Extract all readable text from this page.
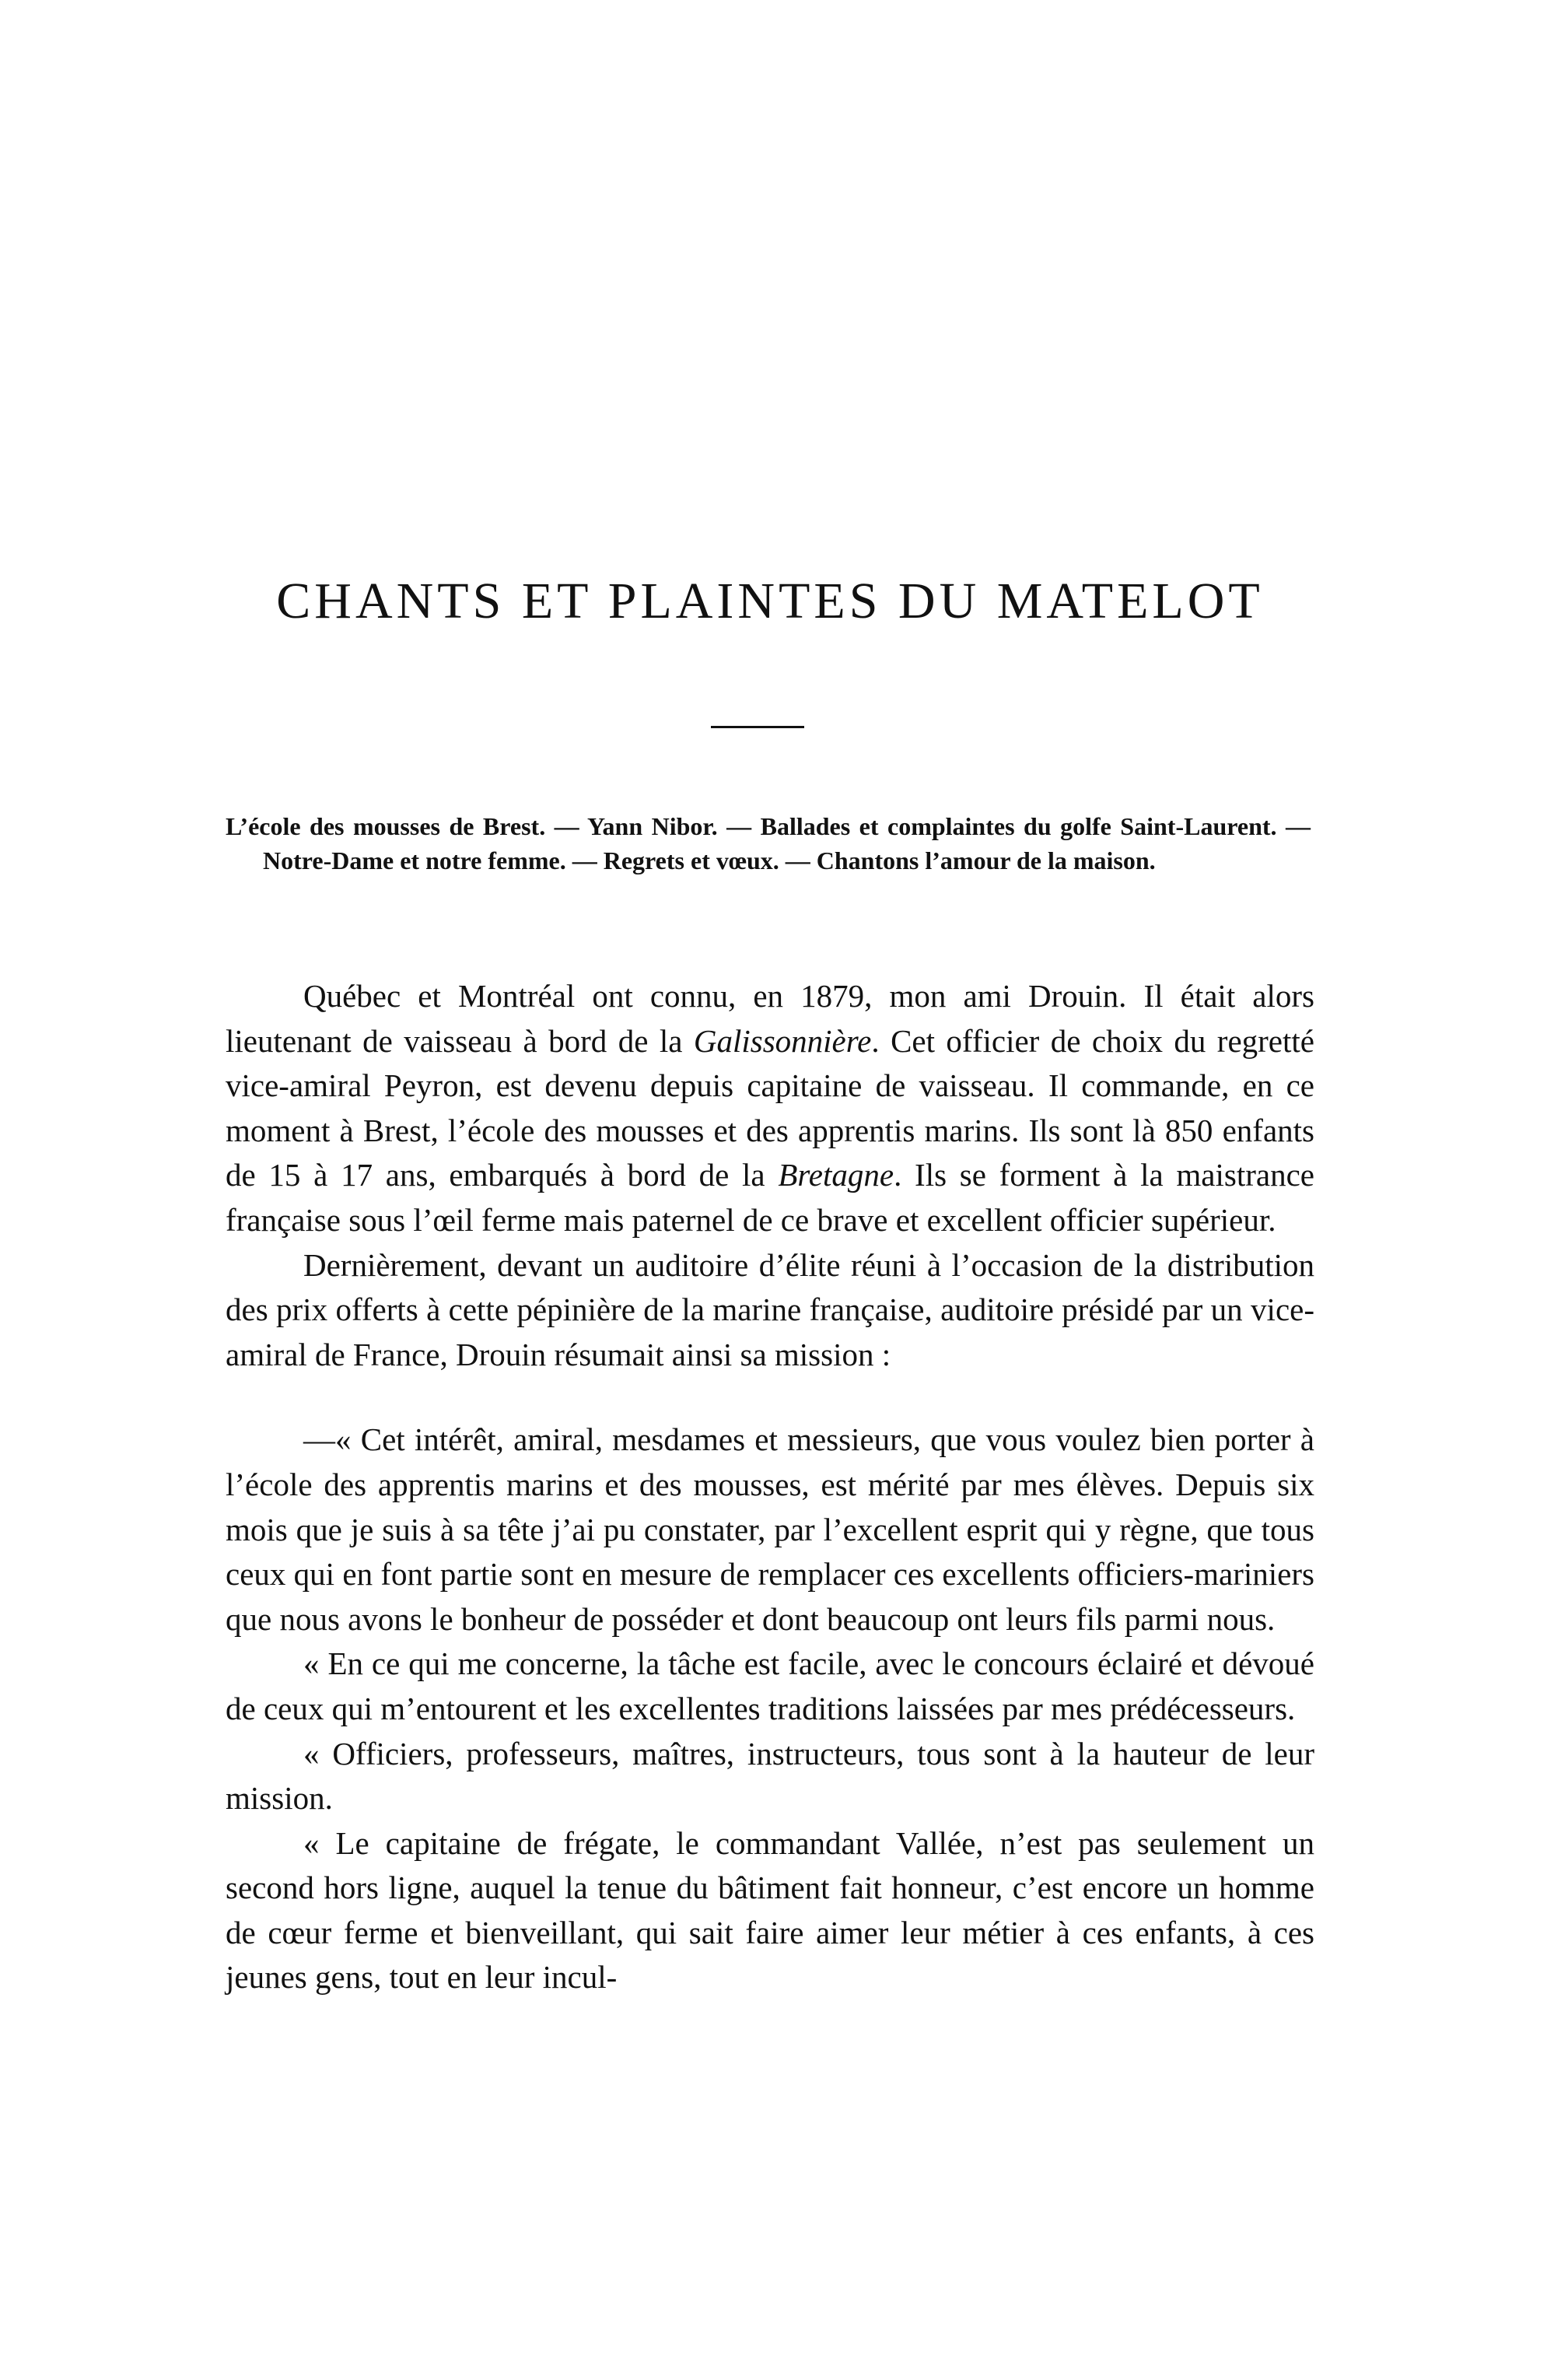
CHANTS ET PLAINTES DU MATELOT

L’école des mousses de Brest. — Yann Nibor. — Ballades et complaintes du golfe Saint-Laurent. — Notre-Dame et notre femme. — Regrets et vœux. — Chantons l’amour de la maison.

Québec et Montréal ont connu, en 1879, mon ami Drouin. Il était alors lieutenant de vaisseau à bord de la Galissonnière. Cet officier de choix du regretté vice-amiral Peyron, est devenu depuis capitaine de vaisseau. Il commande, en ce moment à Brest, l’école des mousses et des apprentis marins. Ils sont là 850 enfants de 15 à 17 ans, embarqués à bord de la Bretagne. Ils se forment à la maistrance française sous l’œil ferme mais paternel de ce brave et excellent officier supérieur.

Dernièrement, devant un auditoire d’élite réuni à l’occasion de la distribution des prix offerts à cette pépinière de la marine française, auditoire présidé par un vice-amiral de France, Drouin résumait ainsi sa mission :

—« Cet intérêt, amiral, mesdames et messieurs, que vous voulez bien porter à l’école des apprentis marins et des mousses, est mérité par mes élèves. Depuis six mois que je suis à sa tête j’ai pu constater, par l’excellent esprit qui y règne, que tous ceux qui en font partie sont en mesure de remplacer ces excellents officiers-mariniers que nous avons le bonheur de posséder et dont beaucoup ont leurs fils parmi nous.

« En ce qui me concerne, la tâche est facile, avec le concours éclairé et dévoué de ceux qui m’entourent et les excellentes traditions laissées par mes prédécesseurs.

« Officiers, professeurs, maîtres, instructeurs, tous sont à la hauteur de leur mission.

« Le capitaine de frégate, le commandant Vallée, n’est pas seulement un second hors ligne, auquel la tenue du bâtiment fait honneur, c’est encore un homme de cœur ferme et bienveillant, qui sait faire aimer leur métier à ces enfants, à ces jeunes gens, tout en leur incul-
